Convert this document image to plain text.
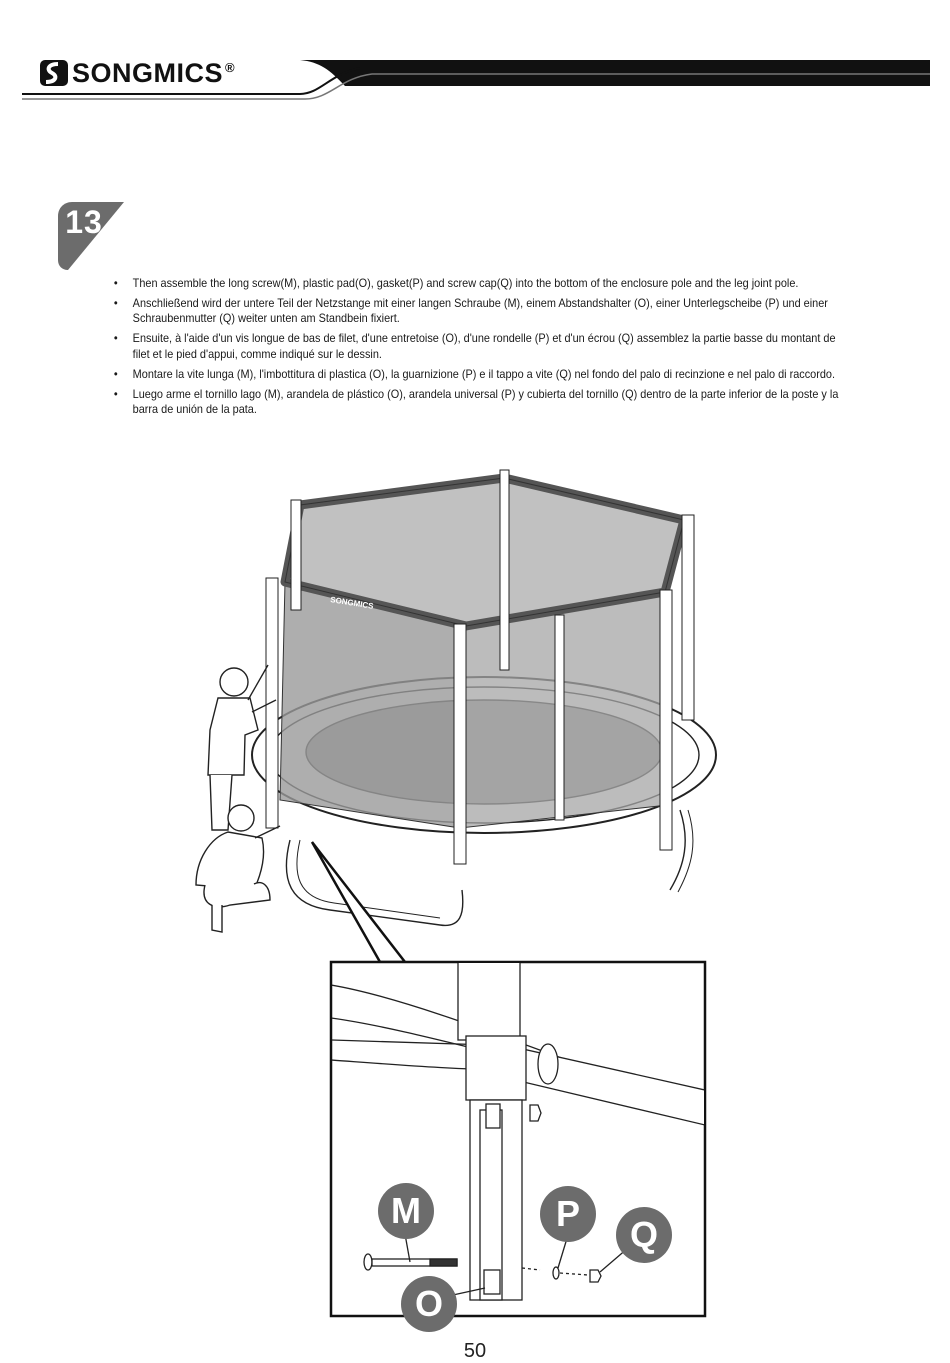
SONGMICS ®
13
• Then assemble the long screw(M), plastic pad(O), gasket(P) and screw cap(Q) into the bottom of the enclosure pole and the leg joint pole.
• Anschließend wird der untere Teil der Netzstange mit einer langen Schraube (M), einem Abstandshalter (O), einer Unterlegscheibe (P) und einer Schraubenmutter (Q) weiter unten am Standbein fixiert.
• Ensuite, à l'aide d'un vis longue de bas de filet, d'une entretoise (O), d'une rondelle (P) et d'un écrou (Q) assemblez la partie basse du montant de filet et le pied d'appui, comme indiqué sur le dessin.
• Montare la vite lunga (M), l'imbottitura di plastica (O), la guarnizione (P) e il tappo a vite (Q) nel fondo del palo di recinzione e nel palo di raccordo.
• Luego arme el tornillo lago (M), arandela de plástico (O), arandela universal (P) y cubierta del tornillo (Q) dentro de la parte inferior de la poste y la barra de unión de la pata.
SONGMICS
M
O
P
Q
50
